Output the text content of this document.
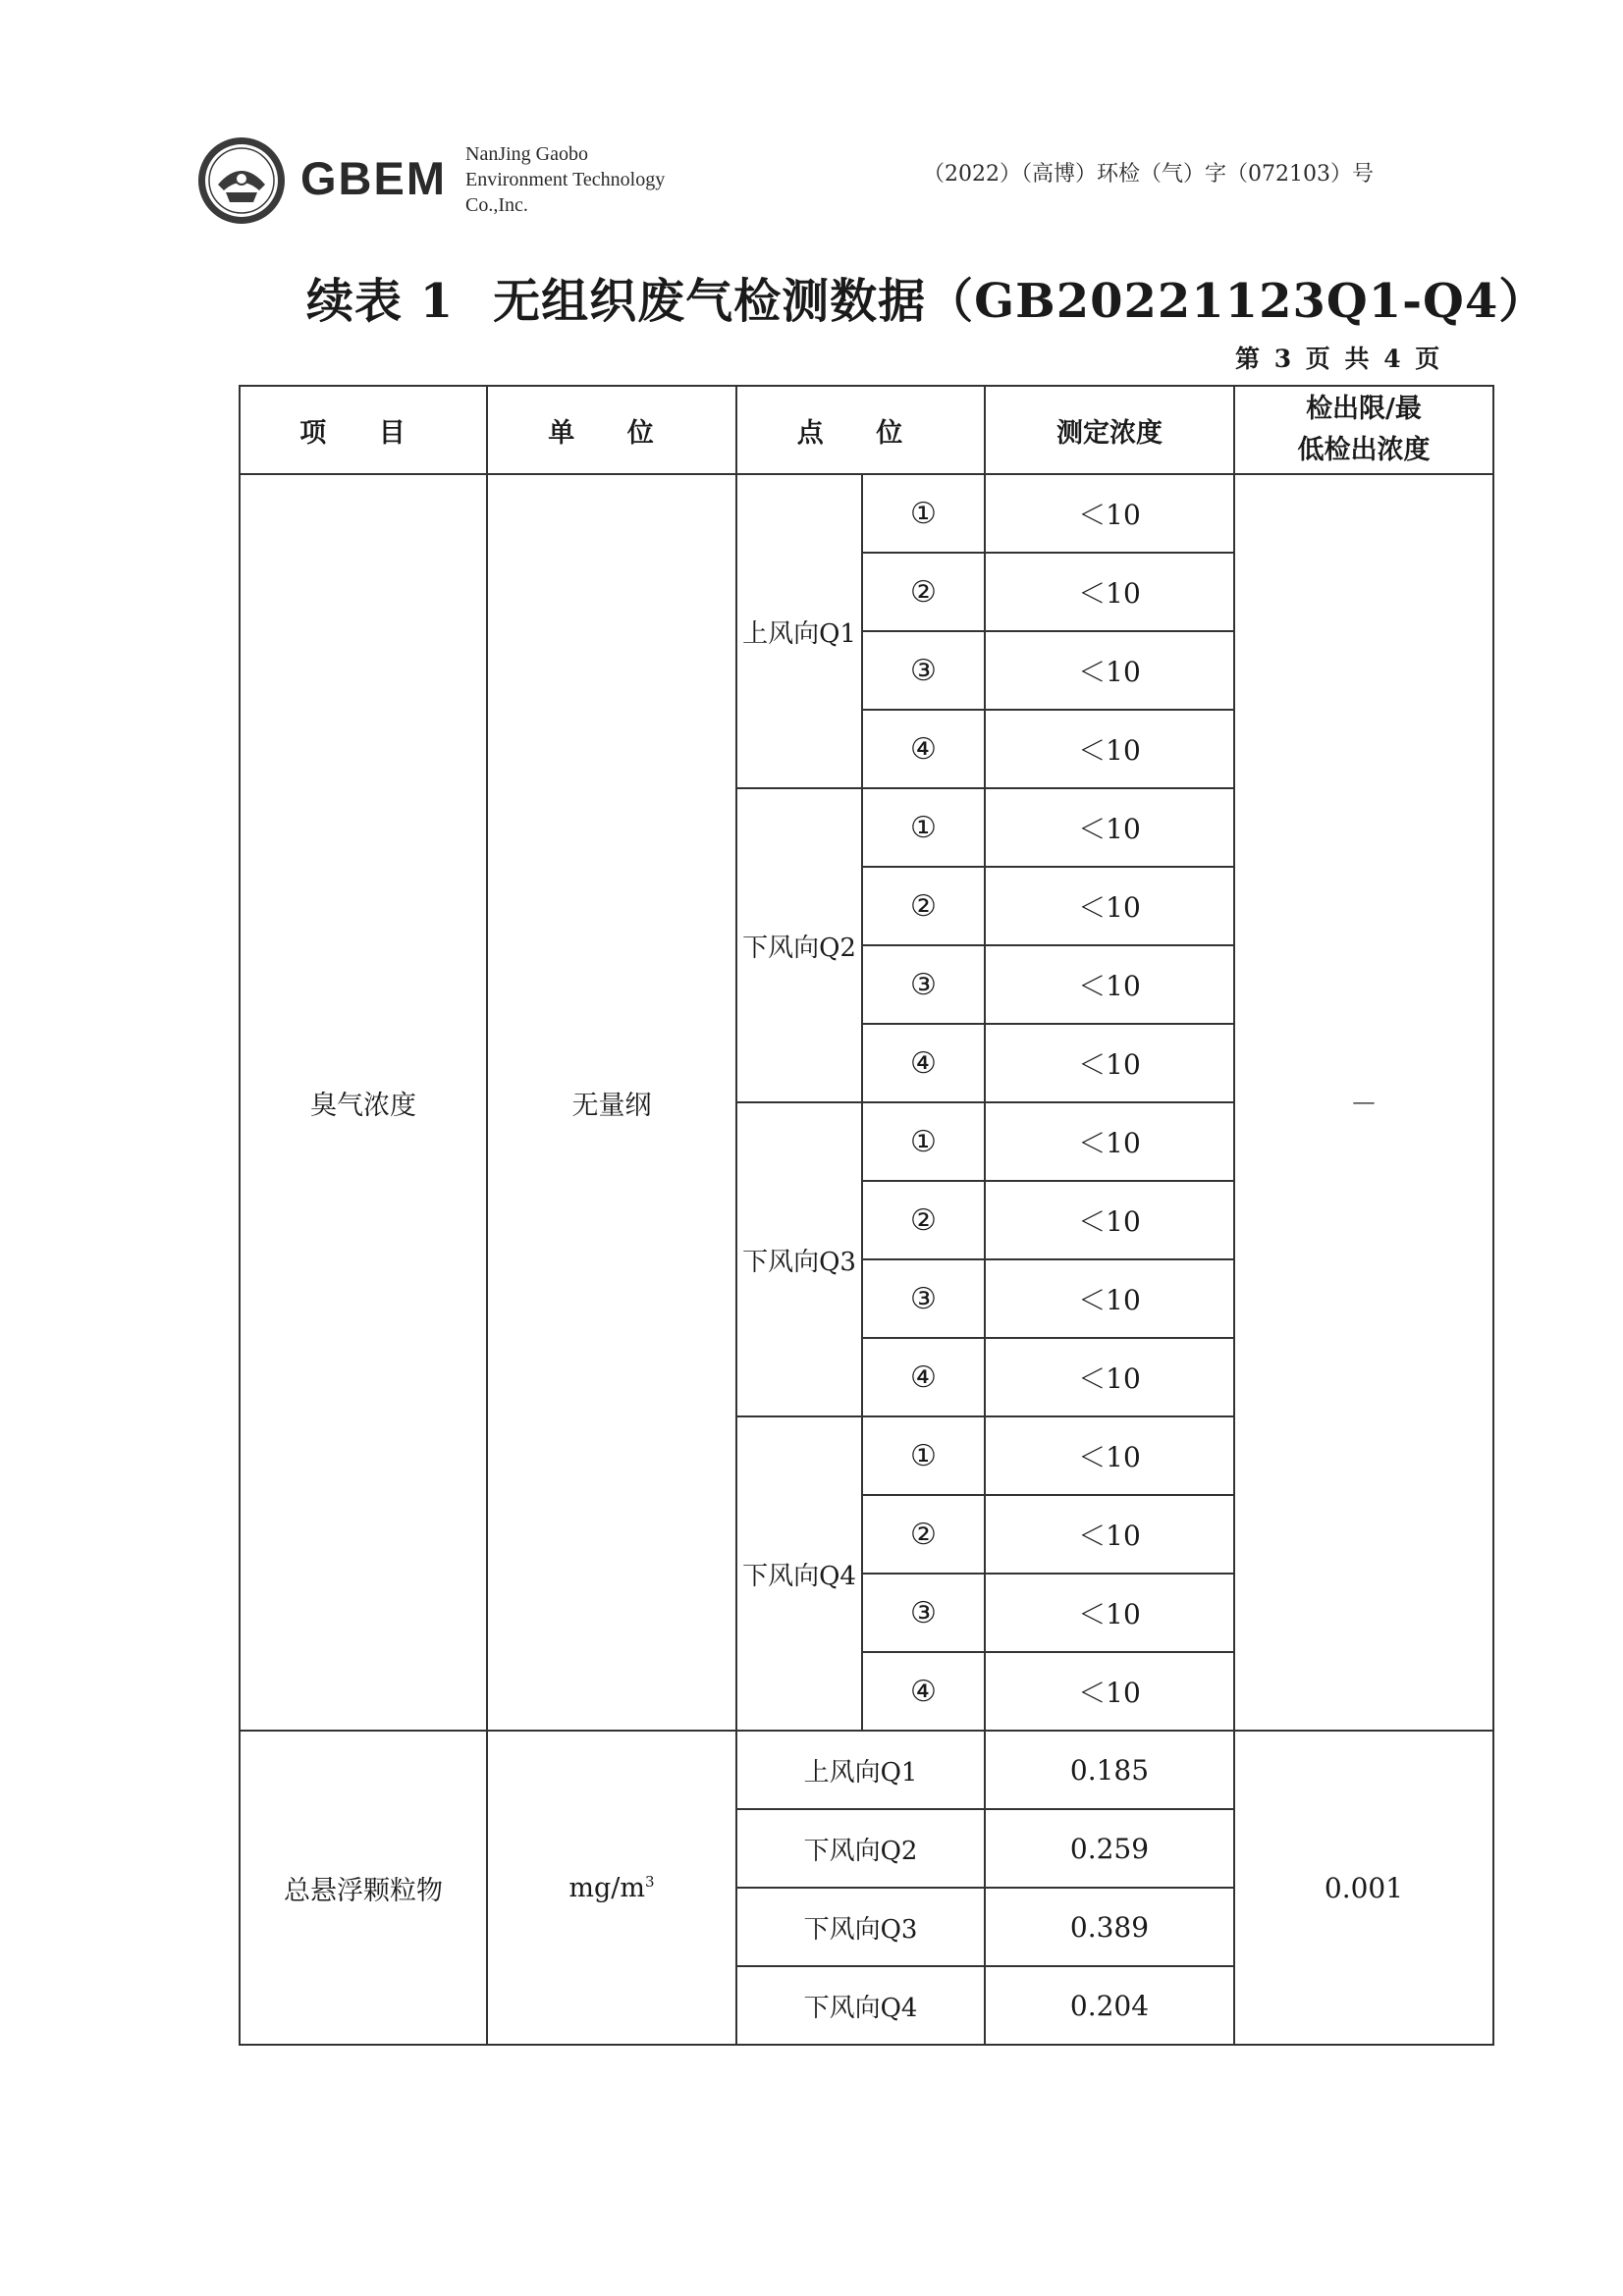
GBEM NanJing Gaobo
Environment Technology
Co.,Inc.
（2022）（高博）环检（气）字（072103）号
续表 1 无组织废气检测数据（GB20221123Q1-Q4）
第 3 页 共 4 页
项 目	单 位	点 位		测定浓度	检出限/最
低检出浓度

臭气浓度	无量纲	上风向Q1	①	＜10	－
			②	＜10	
			③	＜10	
			④	＜10	
		下风向Q2	①	＜10	
			②	＜10	
			③	＜10	
			④	＜10	
		下风向Q3	①	＜10	
			②	＜10	
			③	＜10	
			④	＜10	
		下风向Q4	①	＜10	
			②	＜10	
			③	＜10	
			④	＜10	
总悬浮颗粒物	$mg/m^3$	上风向Q1		0.185	0.001
		下风向Q2		0.259	
		下风向Q3		0.389	
		下风向Q4		0.204	
